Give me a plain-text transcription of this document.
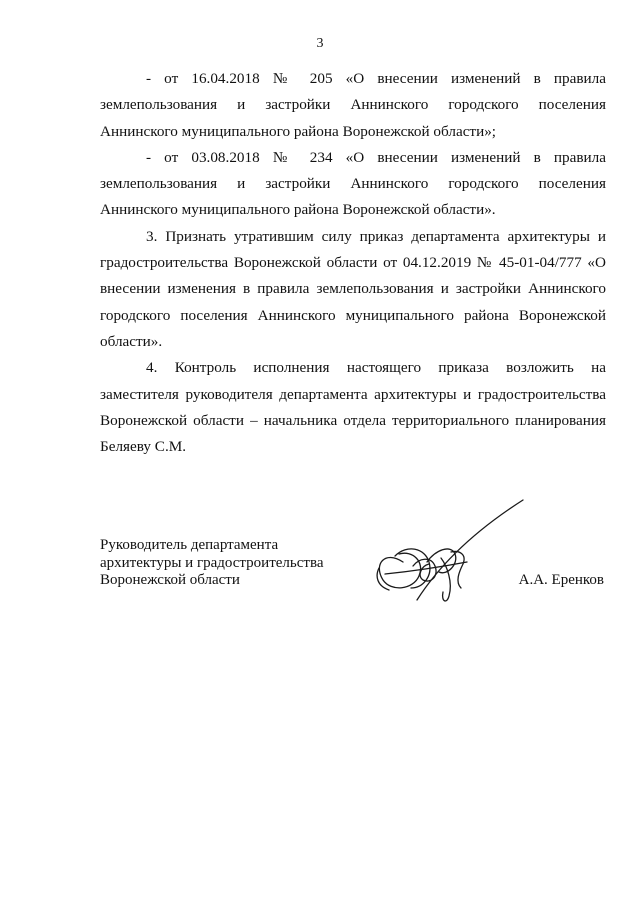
3

- от 16.04.2018 № 205 «О внесении изменений в правила землепользования и застройки Аннинского городского поселения Аннинского муниципального района Воронежской области»;

- от 03.08.2018 № 234 «О внесении изменений в правила землепользования и застройки Аннинского городского поселения Аннинского муниципального района Воронежской области».

3. Признать утратившим силу приказ департамента архитектуры и градостроительства Воронежской области от 04.12.2019 № 45-01-04/777 «О внесении изменения в правила землепользования и застройки Аннинского городского поселения Аннинского муниципального района Воронежской области».

4. Контроль исполнения настоящего приказа возложить на заместителя руководителя департамента архитектуры и градостроительства Воронежской области – начальника отдела территориального планирования Беляеву С.М.

Руководитель департамента
архитектуры и градостроительства
Воронежской области	А.А. Еренков
